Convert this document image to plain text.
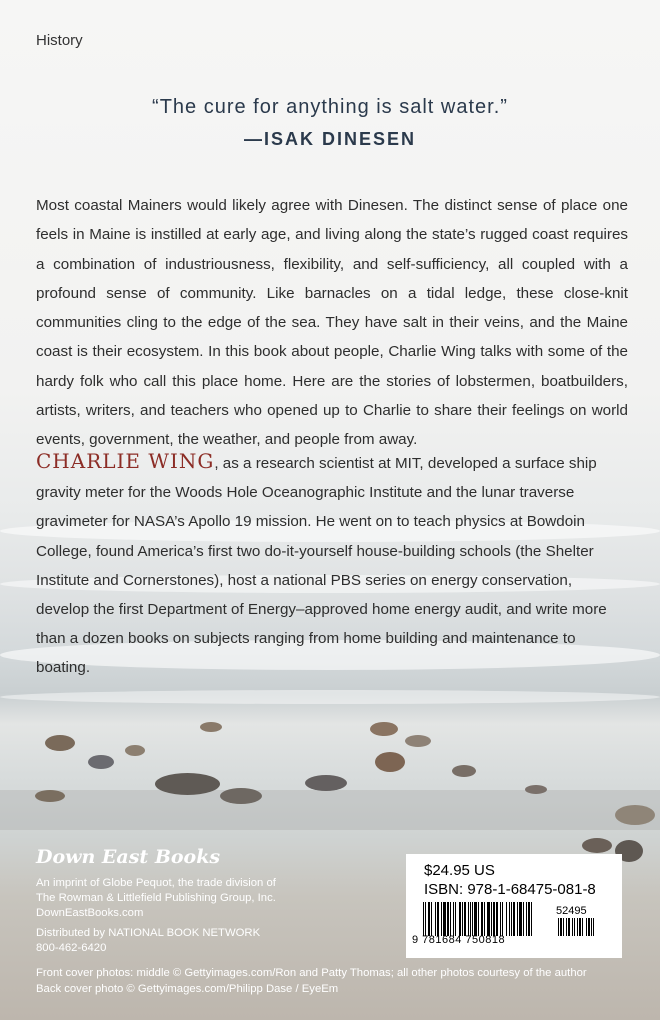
History
“The cure for anything is salt water.”
—ISAK DINESEN

Most coastal Mainers would likely agree with Dinesen. The distinct sense of place one feels in Maine is instilled at early age, and living along the state’s rugged coast requires a combination of industriousness, flexibility, and self-sufficiency, all coupled with a profound sense of community. Like barnacles on a tidal ledge, these close-knit communities cling to the edge of the sea. They have salt in their veins, and the Maine coast is their ecosystem. In this book about people, Charlie Wing talks with some of the hardy folk who call this place home. Here are the stories of lobstermen, boatbuilders, artists, writers, and teachers who opened up to Charlie to share their feelings on world events, government, the weather, and people from away.

CHARLIE WING, as a research scientist at MIT, developed a surface ship gravity meter for the Woods Hole Oceanographic Institute and the lunar traverse gravimeter for NASA’s Apollo 19 mission. He went on to teach physics at Bowdoin College, found America’s first two do-it-yourself house-building schools (the Shelter Institute and Cornerstones), host a national PBS series on energy conservation, develop the first Department of Energy–approved home energy audit, and write more than a dozen books on subjects ranging from home building and maintenance to boating.

Down East Books
An imprint of Globe Pequot, the trade division of
The Rowman & Littlefield Publishing Group, Inc.
DownEastBooks.com
Distributed by NATIONAL BOOK NETWORK
800-462-6420
Front cover photos: middle © Gettyimages.com/Ron and Patty Thomas; all other photos courtesy of the author
Back cover photo © Gettyimages.com/Philipp Dase / EyeEm
$24.95 US
ISBN: 978-1-68475-081-8
52495
9 781684 750818
